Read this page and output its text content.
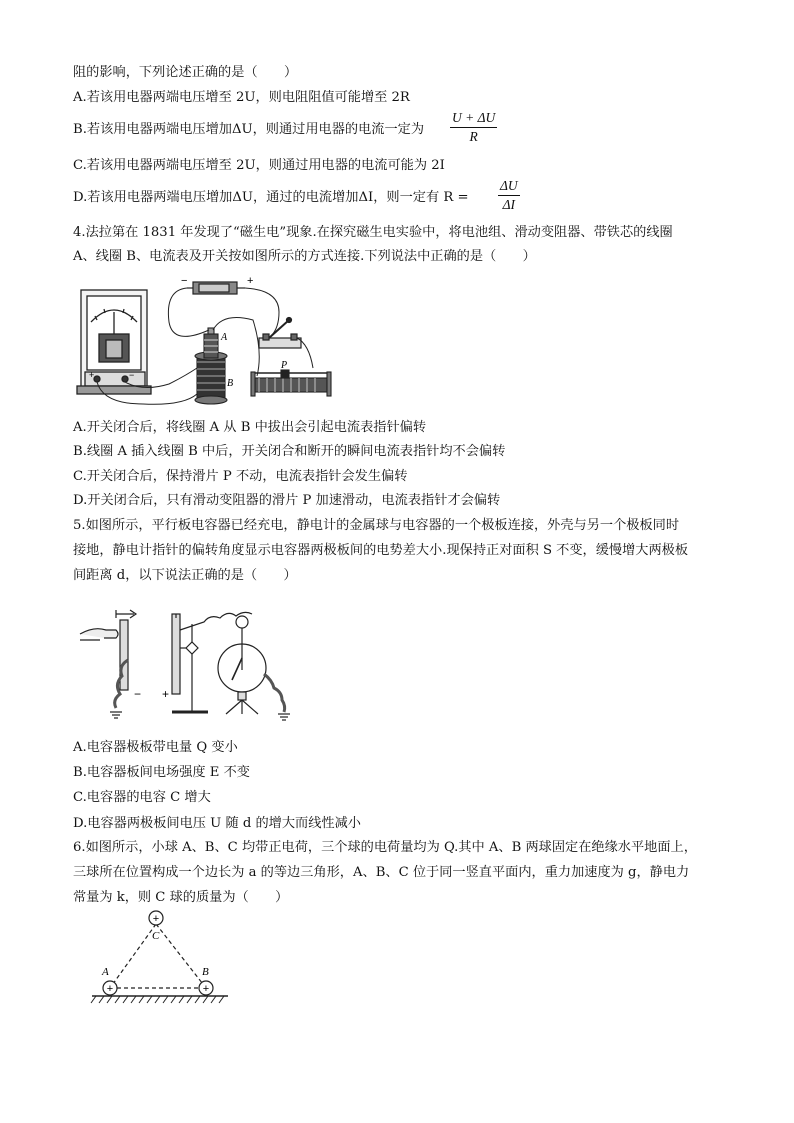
阻的影响，下列论述正确的是（　　）
A.若该用电器两端电压增至 2U，则电阻阻值可能增至 2R
B.若该用电器两端电压增加ΔU，则通过用电器的电流一定为 $\frac{U + \Delta U}{R}$
C.若该用电器两端电压增至 2U，则通过用电器的电流可能为 2I
D.若该用电器两端电压增加ΔU，通过的电流增加ΔI，则一定有 $R = \frac{\Delta U}{\Delta I}$
4.法拉第在 1831 年发现了“磁生电”现象.在探究磁生电实验中，将电池组、滑动变阻器、带铁芯的线圈
A、线圈 B、电流表及开关按如图所示的方式连接.下列说法中正确的是（　　）
+	−
−	+
A
B
P
A.开关闭合后，将线圈 A 从 B 中拔出会引起电流表指针偏转
B.线圈 A 插入线圈 B 中后，开关闭合和断开的瞬间电流表指针均不会偏转
C.开关闭合后，保持滑片 P 不动，电流表指针会发生偏转
D.开关闭合后，只有滑动变阻器的滑片 P 加速滑动，电流表指针才会偏转
5.如图所示，平行板电容器已经充电，静电计的金属球与电容器的一个极板连接，外壳与另一个极板同时
接地，静电计指针的偏转角度显示电容器两极板间的电势差大小.现保持正对面积 S 不变，缓慢增大两极板
间距离 d，以下说法正确的是（　　）
− +
A.电容器极板带电量 Q 变小
B.电容器板间电场强度 E 不变
C.电容器的电容 C 增大
D.电容器两极板间电压 U 随 d 的增大而线性减小
6.如图所示，小球 A、B、C 均带正电荷，三个球的电荷量均为 Q.其中 A、B 两球固定在绝缘水平地面上，
三球所在位置构成一个边长为 a 的等边三角形，A、B、C 位于同一竖直平面内，重力加速度为 g，静电力
常量为 k，则 C 球的质量为（　　）
+
C
+
A
+
B
